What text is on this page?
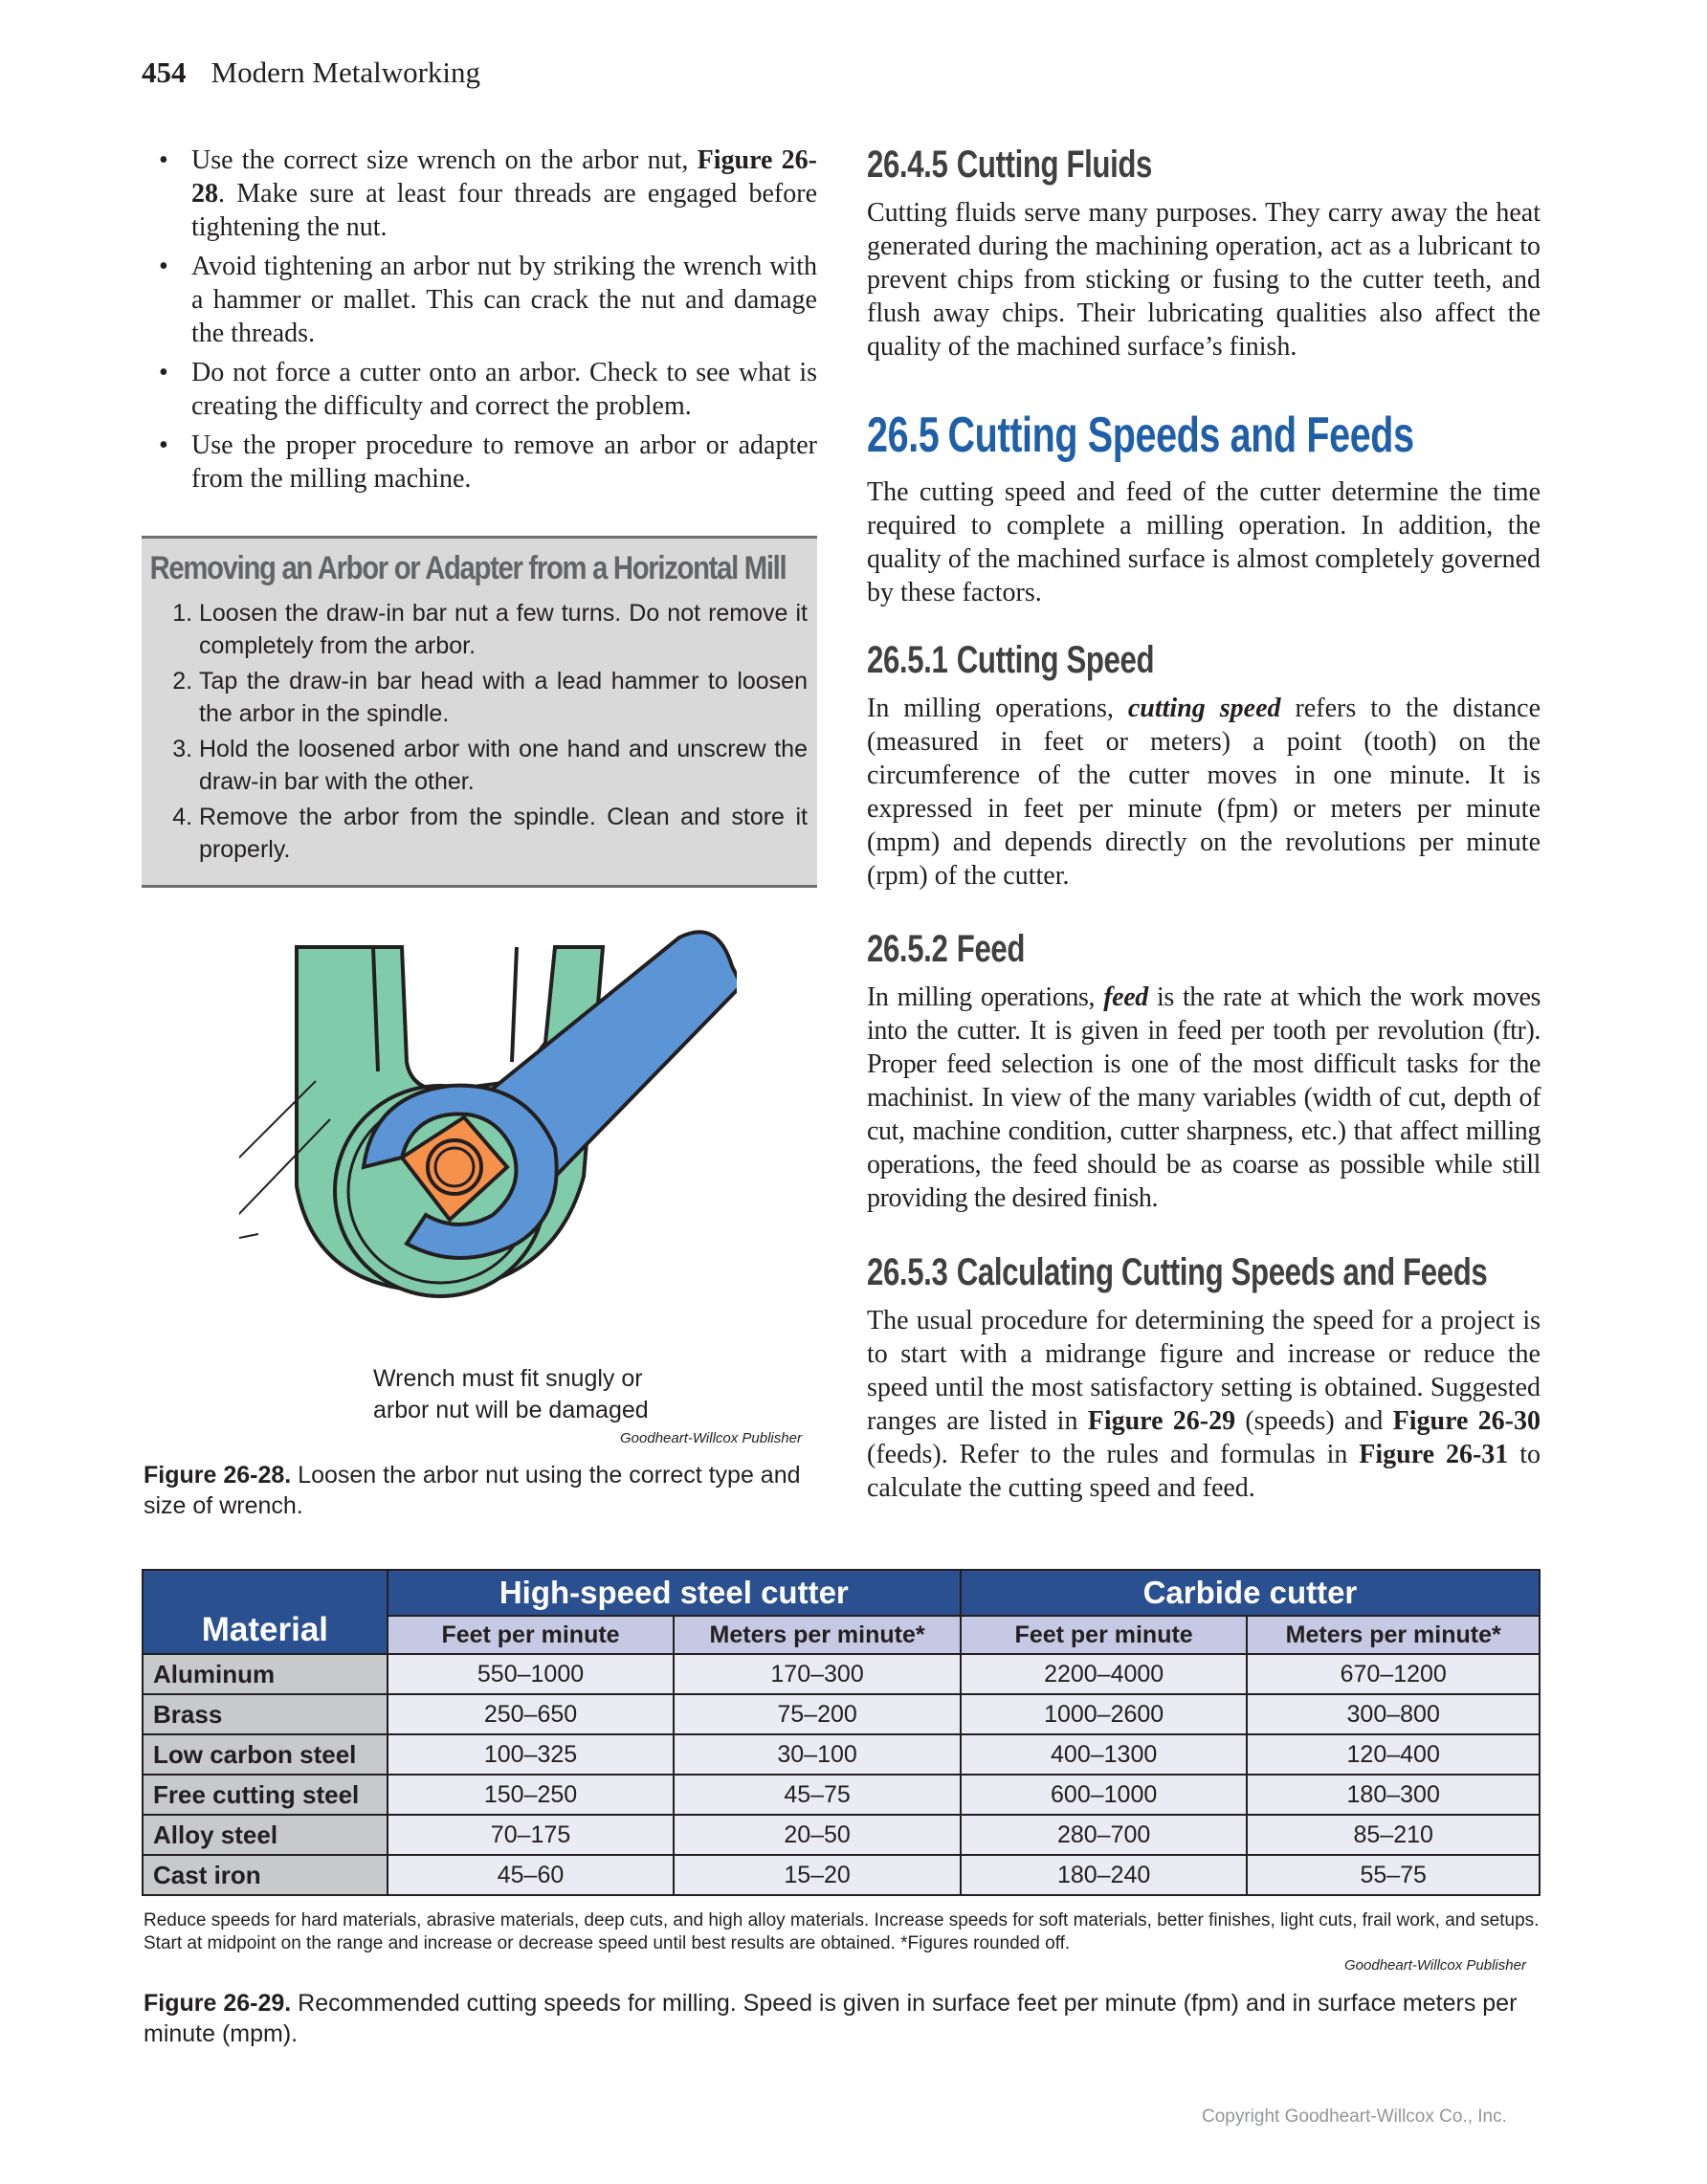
454 Modern Metalworking
• Use the correct size wrench on the arbor nut, Figure 26-28. Make sure at least four threads are engaged before tightening the nut.
• Avoid tightening an arbor nut by striking the wrench with a hammer or mallet. This can crack the nut and damage the threads.
• Do not force a cutter onto an arbor. Check to see what is creating the difficulty and correct the problem.
• Use the proper procedure to remove an arbor or adapter from the milling machine.
Removing an Arbor or Adapter from a Horizontal Mill
1. Loosen the draw-in bar nut a few turns. Do not remove it completely from the arbor.
2. Tap the draw-in bar head with a lead hammer to loosen the arbor in the spindle.
3. Hold the loosened arbor with one hand and unscrew the draw-in bar with the other.
4. Remove the arbor from the spindle. Clean and store it properly.
Wrench must fit snugly or
arbor nut will be damaged
Goodheart-Willcox Publisher
Figure 26-28. Loosen the arbor nut using the correct type and size of wrench.
26.4.5 Cutting Fluids

Cutting fluids serve many purposes. They carry away the heat generated during the machining operation, act as a lubricant to prevent chips from sticking or fusing to the cutter teeth, and flush away chips. Their lubricating qualities also affect the quality of the machined surface’s finish.

26.5 Cutting Speeds and Feeds

The cutting speed and feed of the cutter determine the time required to complete a milling operation. In addition, the quality of the machined surface is almost completely governed by these factors.

26.5.1 Cutting Speed

In milling operations, cutting speed refers to the distance (measured in feet or meters) a point (tooth) on the circumference of the cutter moves in one minute. It is expressed in feet per minute (fpm) or meters per minute (mpm) and depends directly on the revolutions per minute (rpm) of the cutter.

26.5.2 Feed

In milling operations, feed is the rate at which the work moves into the cutter. It is given in feed per tooth per revolution (ftr). Proper feed selection is one of the most difficult tasks for the machinist. In view of the many variables (width of cut, depth of cut, machine condition, cutter sharpness, etc.) that affect milling operations, the feed should be as coarse as possible while still providing the desired finish.

26.5.3 Calculating Cutting Speeds and Feeds

The usual procedure for determining the speed for a project is to start with a midrange figure and increase or reduce the speed until the most satisfactory setting is obtained. Suggested ranges are listed in Figure 26-29 (speeds) and Figure 26-30 (feeds). Refer to the rules and formulas in Figure 26-31 to calculate the cutting speed and feed.

Material	High-speed steel cutter		Carbide cutter	
	Feet per minute	Meters per minute*	Feet per minute	Meters per minute*
Aluminum	550–1000	170–300	2200–4000	670–1200
Brass	250–650	75–200	1000–2600	300–800
Low carbon steel	100–325	30–100	400–1300	120–400
Free cutting steel	150–250	45–75	600–1000	180–300
Alloy steel	70–175	20–50	280–700	85–210
Cast iron	45–60	15–20	180–240	55–75
Reduce speeds for hard materials, abrasive materials, deep cuts, and high alloy materials. Increase speeds for soft materials, better finishes, light cuts, frail work, and setups. Start at midpoint on the range and increase or decrease speed until best results are obtained. *Figures rounded off.
Goodheart-Willcox Publisher
Figure 26-29. Recommended cutting speeds for milling. Speed is given in surface feet per minute (fpm) and in surface meters per minute (mpm).
Copyright Goodheart-Willcox Co., Inc.
